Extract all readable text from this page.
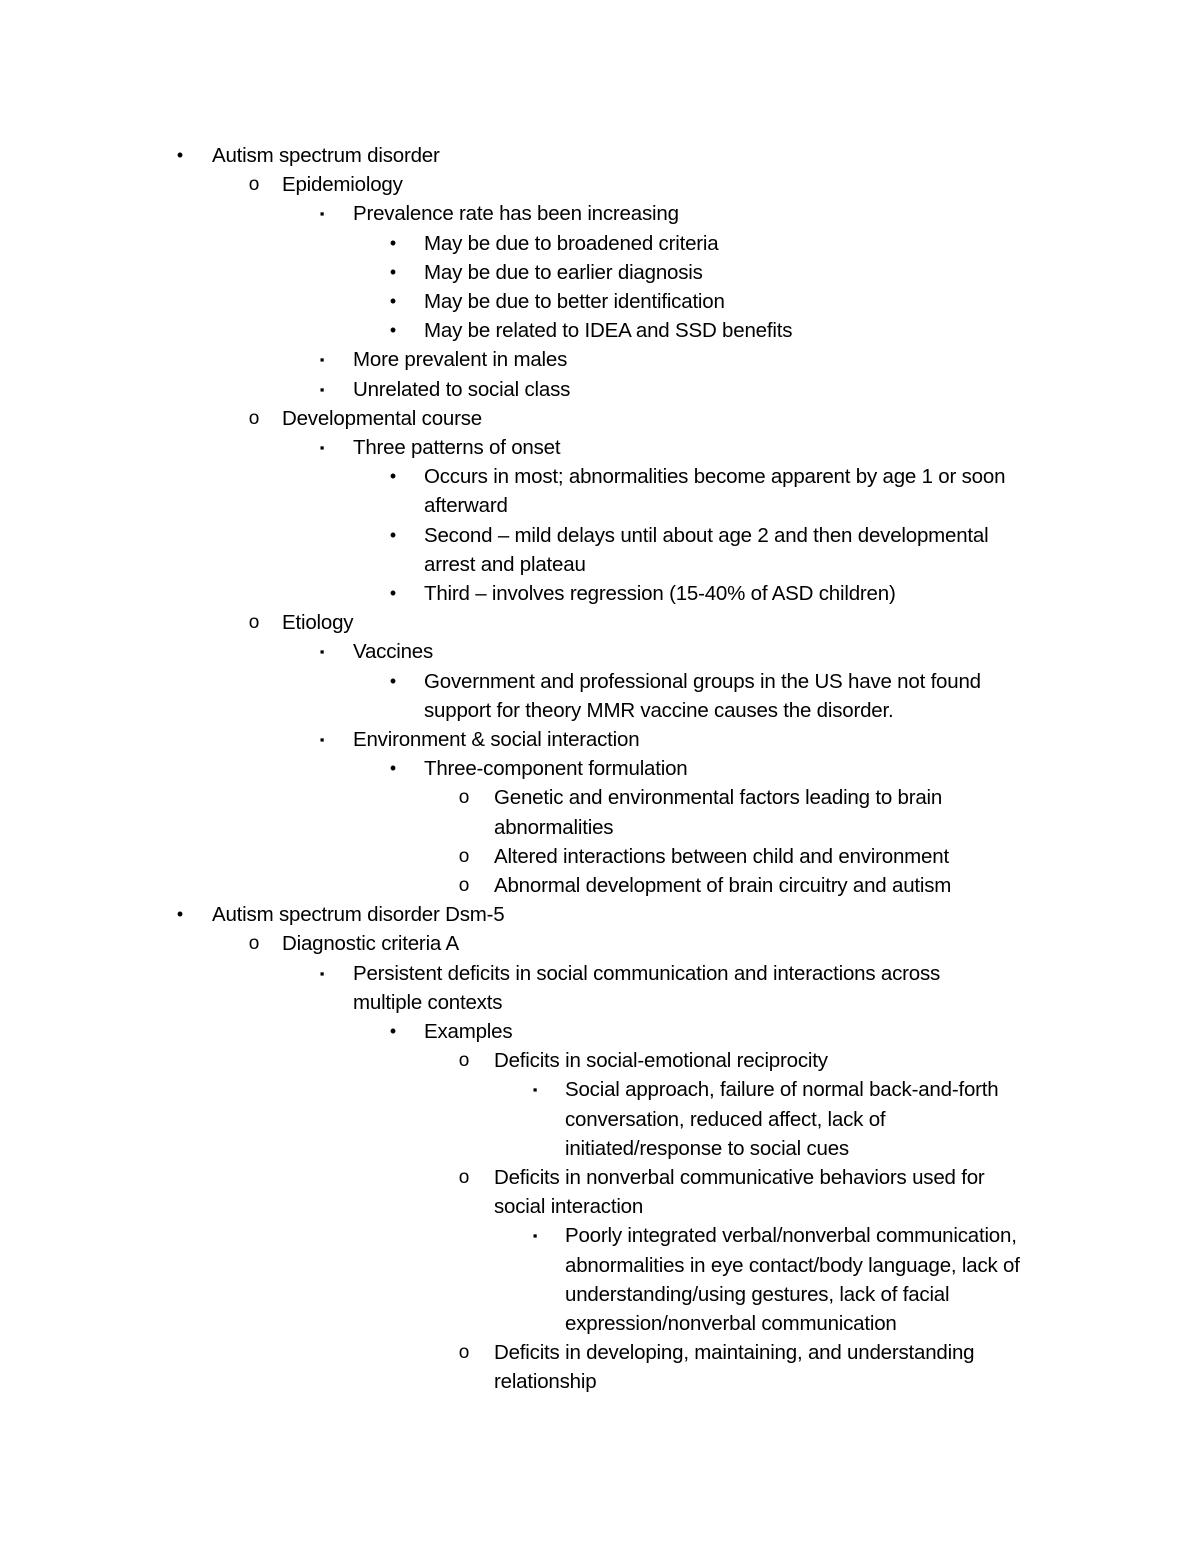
•	Autism spectrum disorder
o Epidemiology
▪	Prevalence rate has been increasing
•	May be due to broadened criteria
•	May be due to earlier diagnosis
•	May be due to better identification
•	May be related to IDEA and SSD benefits
▪	More prevalent in males
▪	Unrelated to social class
o Developmental course
▪	Three patterns of onset
•	Occurs in most; abnormalities become apparent by age 1 or soon
afterward
•	Second – mild delays until about age 2 and then developmental
arrest and plateau
•	Third – involves regression (15-40% of ASD children)
o Etiology
▪	Vaccines
•	Government and professional groups in the US have not found
support for theory MMR vaccine causes the disorder.
▪	Environment & social interaction
•	Three-component formulation
o Genetic and environmental factors leading to brain
abnormalities
o Altered interactions between child and environment
o Abnormal development of brain circuitry and autism
•	Autism spectrum disorder Dsm-5
o Diagnostic criteria A
▪	Persistent deficits in social communication and interactions across
multiple contexts
•	Examples
o Deficits in social-emotional reciprocity
▪	Social approach, failure of normal back-and-forth
conversation, reduced affect, lack of
initiated/response to social cues
o Deficits in nonverbal communicative behaviors used for
social interaction
▪	Poorly integrated verbal/nonverbal communication,
abnormalities in eye contact/body language, lack of
understanding/using gestures, lack of facial
expression/nonverbal communication
o Deficits in developing, maintaining, and understanding
relationship
